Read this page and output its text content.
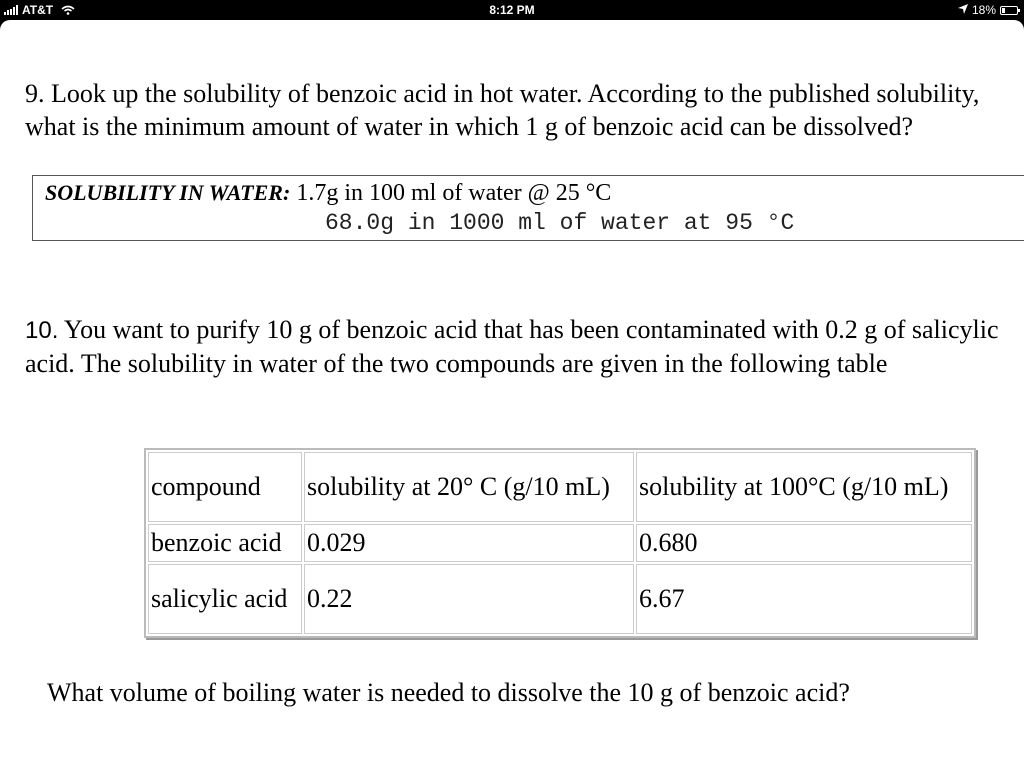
AT&T	8:12 PM	18%
9. Look up the solubility of benzoic acid in hot water. According to the published solubility, what is the minimum amount of water in which 1 g of benzoic acid can be dissolved?
SOLUBILITY IN WATER: 1.7g in 100 ml of water @ 25 °C
68.0g in 1000 ml of water at 95 °C
10. You want to purify 10 g of benzoic acid that has been contaminated with 0.2 g of salicylic acid. The solubility in water of the two compounds are given in the following table
compound	solubility at 20° C (g/10 mL)	solubility at 100°C (g/10 mL)
benzoic acid	0.029	0.680
salicylic acid	0.22	6.67
What volume of boiling water is needed to dissolve the 10 g of benzoic acid?
